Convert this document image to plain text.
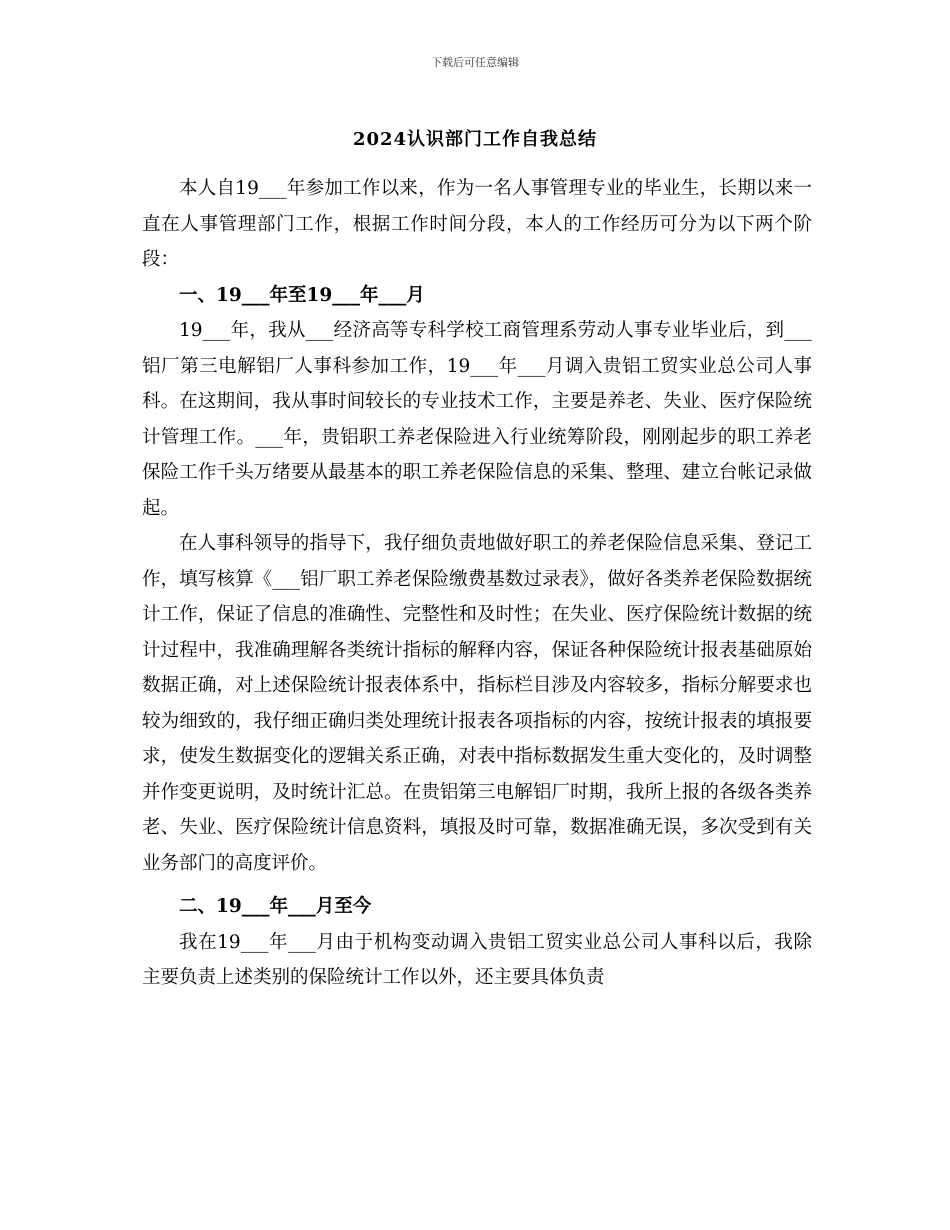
下载后可任意编辑
2024认识部门工作自我总结

本人自19___年参加工作以来，作为一名人事管理专业的毕业生，长期以来一直在人事管理部门工作，根据工作时间分段，本人的工作经历可分为以下两个阶段：

一、19___年至19___年___月

19___年，我从___经济高等专科学校工商管理系劳动人事专业毕业后，到___铝厂第三电解铝厂人事科参加工作，19___年___月调入贵铝工贸实业总公司人事科。在这期间，我从事时间较长的专业技术工作，主要是养老、失业、医疗保险统计管理工作。___年，贵铝职工养老保险进入行业统筹阶段，刚刚起步的职工养老保险工作千头万绪要从最基本的职工养老保险信息的采集、整理、建立台帐记录做起。

在人事科领导的指导下，我仔细负责地做好职工的养老保险信息采集、登记工作，填写核算《___铝厂职工养老保险缴费基数过录表》，做好各类养老保险数据统计工作，保证了信息的准确性、完整性和及时性；在失业、医疗保险统计数据的统计过程中，我准确理解各类统计指标的解释内容，保证各种保险统计报表基础原始数据正确，对上述保险统计报表体系中，指标栏目涉及内容较多，指标分解要求也较为细致的，我仔细正确归类处理统计报表各项指标的内容，按统计报表的填报要求，使发生数据变化的逻辑关系正确，对表中指标数据发生重大变化的，及时调整并作变更说明，及时统计汇总。在贵铝第三电解铝厂时期，我所上报的各级各类养老、失业、医疗保险统计信息资料，填报及时可靠，数据准确无误，多次受到有关业务部门的高度评价。

二、19___年___月至今

我在19___年___月由于机构变动调入贵铝工贸实业总公司人事科以后，我除主要负责上述类别的保险统计工作以外，还主要具体负责
